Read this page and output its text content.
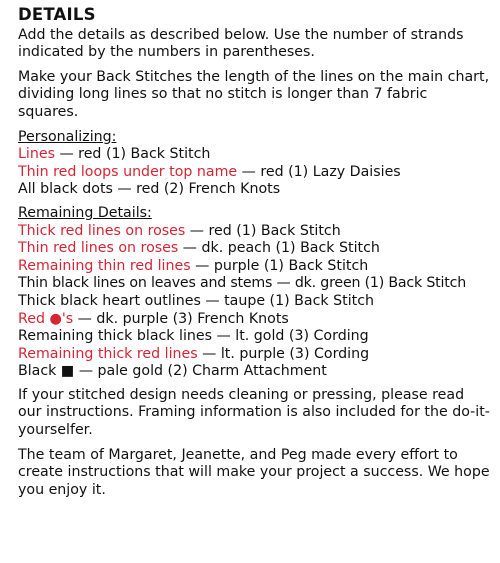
DETAILS

Add the details as described below. Use the number of strands indicated by the numbers in parentheses.

Make your Back Stitches the length of the lines on the main chart, dividing long lines so that no stitch is longer than 7 fabric squares.

Personalizing:

Lines — red (1) Back Stitch

Thin red loops under top name — red (1) Lazy Daisies

All black dots — red (2) French Knots

Remaining Details:

Thick red lines on roses — red (1) Back Stitch

Thin red lines on roses — dk. peach (1) Back Stitch

Remaining thin red lines — purple (1) Back Stitch

Thin black lines on leaves and stems — dk. green (1) Back Stitch

Thick black heart outlines — taupe (1) Back Stitch

Red ●'s — dk. purple (3) French Knots

Remaining thick black lines — lt. gold (3) Cording

Remaining thick red lines — lt. purple (3) Cording

Black ■ — pale gold (2) Charm Attachment

If your stitched design needs cleaning or pressing, please read our instructions. Framing information is also included for the do-it-yourselfer.

The team of Margaret, Jeanette, and Peg made every effort to create instructions that will make your project a success. We hope you enjoy it.
